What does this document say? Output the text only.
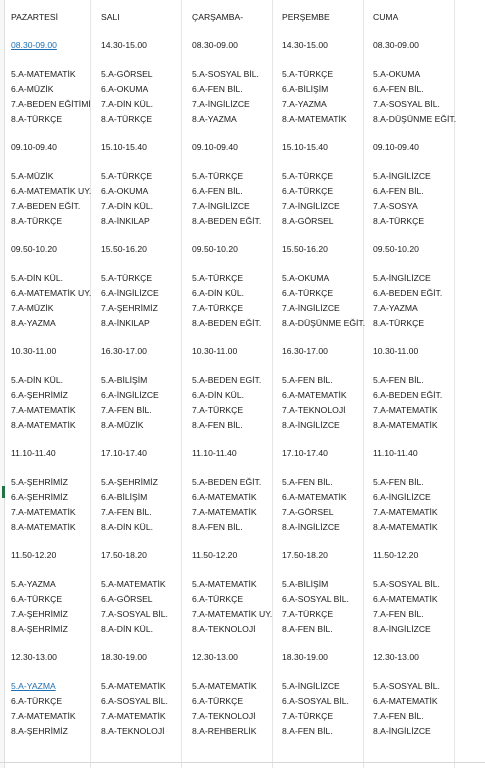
PAZARTESİ	SALI	ÇARŞAMBA-	PERŞEMBE	CUMA
08.30-09.00	14.30-15.00	08.30-09.00	14.30-15.00	08.30-09.00
5.A-MATEMATİK	5.A-GÖRSEL	5.A-SOSYAL BİL.	5.A-TÜRKÇE	5.A-OKUMA
6.A-MÜZİK	6.A-OKUMA	6.A-FEN BİL.	6.A-BİLİŞİM	6.A-FEN BİL.
7.A-BEDEN EĞİTİMİ	7.A-DİN KÜL.	7.A-İNGİLİZCE	7.A-YAZMA	7.A-SOSYAL BİL.
8.A-TÜRKÇE	8.A-TÜRKÇE	8.A-YAZMA	8.A-MATEMATİK	8.A-DÜŞÜNME EĞİT.
09.10-09.40	15.10-15.40	09.10-09.40	15.10-15.40	09.10-09.40
5.A-MÜZİK	5.A-TÜRKÇE	5.A-TÜRKÇE	5.A-TÜRKÇE	5.A-İNGİLİZCE
6.A-MATEMATİK UY.	6.A-OKUMA	6.A-FEN BİL.	6.A-TÜRKÇE	6.A-FEN BİL.
7.A-BEDEN EĞİT.	7.A-DİN KÜL.	7.A-İNGİLİZCE	7.A-İNGİLİZCE	7.A-SOSYA
8.A-TÜRKÇE	8.A-İNKILAP	8.A-BEDEN EĞİT.	8.A-GÖRSEL	8.A-TÜRKÇE
09.50-10.20	15.50-16.20	09.50-10.20	15.50-16.20	09.50-10.20
5.A-DİN KÜL.	5.A-TÜRKÇE	5.A-TÜRKÇE	5.A-OKUMA	5.A-İNGİLİZCE
6.A-MATEMATİK UY.	6.A-İNGİLİZCE	6.A-DİN KÜL.	6.A-TÜRKÇE	6.A-BEDEN EĞİT.
7.A-MÜZİK	7.A-ŞEHRİMİZ	7.A-TÜRKÇE	7.A-İNGİLİZCE	7.A-YAZMA
8.A-YAZMA	8.A-İNKILAP	8.A-BEDEN EĞİT.	8.A-DÜŞÜNME EĞİT. 8.A-TÜRKÇE
10.30-11.00	16.30-17.00	10.30-11.00	16.30-17.00	10.30-11.00
5.A-DİN KÜL.	5.A-BİLİŞİM	5.A-BEDEN EGİT.	5.A-FEN BİL.	5.A-FEN BİL.
6.A-ŞEHRİMİZ	6.A-İNGİLİZCE	6.A-DİN KÜL.	6.A-MATEMATİK	6.A-BEDEN EĞİT.
7.A-MATEMATİK	7.A-FEN BİL.	7.A-TÜRKÇE	7.A-TEKNOLOJİ	7.A-MATEMATİK
8.A-MATEMATİK	8.A-MÜZİK	8.A-FEN BİL.	8.A-İNGİLİZCE	8.A-MATEMATİK
11.10-11.40	17.10-17.40	11.10-11.40	17.10-17.40	11.10-11.40
5.A-ŞEHRİMİZ	5.A-ŞEHRİMİZ	5.A-BEDEN EĞİT.	5.A-FEN BİL.	5.A-FEN BİL.
6.A-ŞEHRİMİZ	6.A-BİLİŞİM	6.A-MATEMATİK	6.A-MATEMATİK	6.A-İNGİLİZCE
7.A-MATEMATİK	7.A-FEN BİL.	7.A-MATEMATİK	7.A-GÖRSEL	7.A-MATEMATİK
8.A-MATEMATİK	8.A-DİN KÜL.	8.A-FEN BİL.	8.A-İNGİLİZCE	8.A-MATEMATİK
11.50-12.20	17.50-18.20	11.50-12.20	17.50-18.20	11.50-12.20
5.A-YAZMA	5.A-MATEMATİK	5.A-MATEMATİK	5.A-BİLİŞİM	5.A-SOSYAL BİL.
6.A-TÜRKÇE	6.A-GÖRSEL	6.A-TÜRKÇE	6.A-SOSYAL BİL.	6.A-MATEMATİK
7.A-ŞEHRİMİZ	7.A-SOSYAL BİL.	7.A-MATEMATİK UY.	7.A-TÜRKÇE	7.A-FEN BİL.
8.A-ŞEHRİMİZ	8.A-DİN KÜL.	8.A-TEKNOLOJİ	8.A-FEN BİL.	8.A-İNGİLİZCE
12.30-13.00	18.30-19.00	12.30-13.00	18.30-19.00	12.30-13.00
5.A-YAZMA	5.A-MATEMATİK	5.A-MATEMATİK	5.A-İNGİLİZCE	5.A-SOSYAL BİL.
6.A-TÜRKÇE	6.A-SOSYAL BİL.	6.A-TÜRKÇE	6.A-SOSYAL BİL.	6.A-MATEMATİK
7.A-MATEMATİK	7.A-MATEMATİK	7.A-TEKNOLOJİ	7.A-TÜRKÇE	7.A-FEN BİL.
8.A-ŞEHRİMİZ	8.A-TEKNOLOJİ	8.A-REHBERLİK	8.A-FEN BİL.	8.A-İNGİLİZCE
